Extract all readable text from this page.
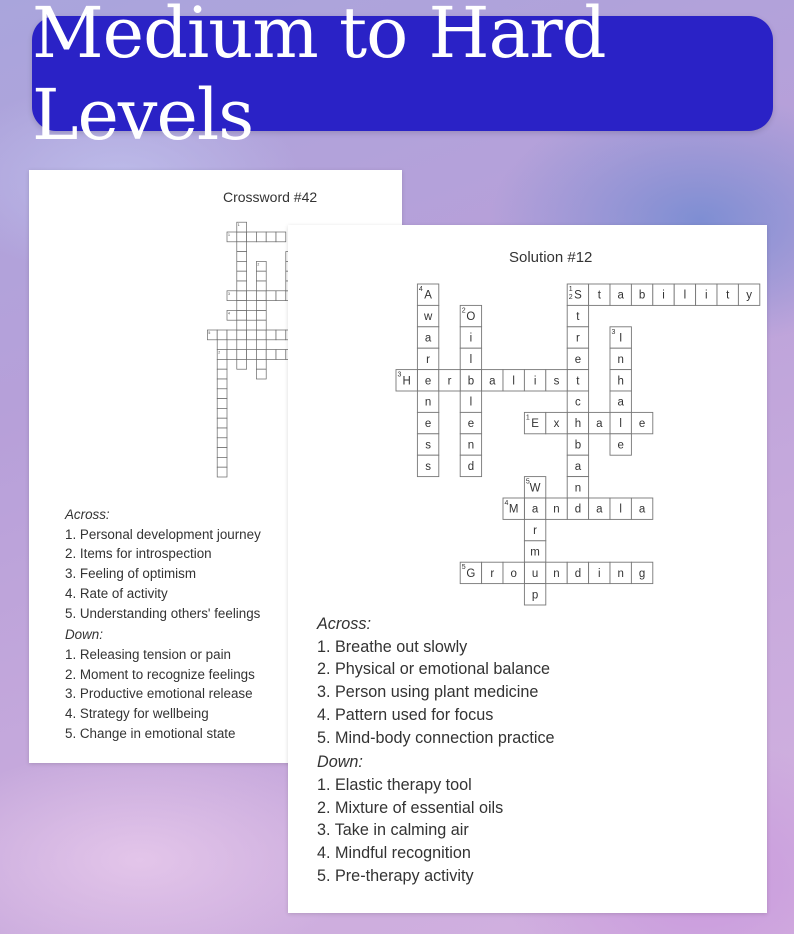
Medium to Hard Levels
Crossword #42
1
1
2
3
4
5
2
Across:
1. Personal development journey
2. Items for introspection
3. Feeling of optimism
4. Rate of activity
5. Understanding others' feelings
Down:
1. Releasing tension or pain
2. Moment to recognize feelings
3. Productive emotional release
4. Strategy for wellbeing
5. Change in emotional state
Solution #12
A
4
w
a
r
e
n
e
s
s
O
2
i
l
b
l
e
n
d
S
1
2
t
r
e
t
c
h
b
a
n
d
I
3
n
h
a
l
e
W
5
a
r
m
u
p
t a b i l i t y
H
3
r	a l i s
E
1
x	a	e
M
4
n	a l a
G
5
r o	n d i n g
Across:
1. Breathe out slowly
2. Physical or emotional balance
3. Person using plant medicine
4. Pattern used for focus
5. Mind-body connection practice
Down:
1. Elastic therapy tool
2. Mixture of essential oils
3. Take in calming air
4. Mindful recognition
5. Pre-therapy activity
